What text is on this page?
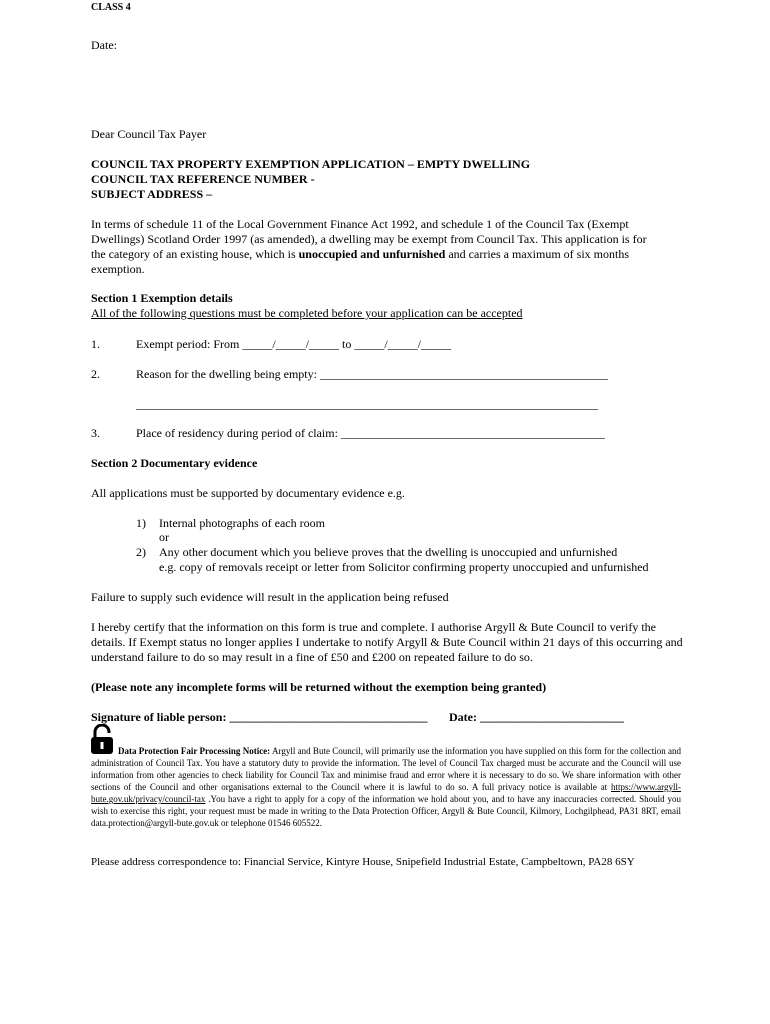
CLASS 4
Date:
Dear Council Tax Payer
COUNCIL TAX PROPERTY EXEMPTION APPLICATION – EMPTY DWELLING
COUNCIL TAX REFERENCE NUMBER -
SUBJECT ADDRESS –
In terms of schedule 11 of the Local Government Finance Act 1992, and schedule 1 of the Council Tax (Exempt Dwellings) Scotland Order 1997 (as amended), a dwelling may be exempt from Council Tax. This application is for the category of an existing house, which is unoccupied and unfurnished and carries a maximum of six months exemption.
Section 1 Exemption details
All of the following questions must be completed before your application can be accepted
1.	Exempt period: From _____/_____/_____ to _____/_____/_____
2.	Reason for the dwelling being empty: ________________________________________________
_____________________________________________________________________________
3.	Place of residency during period of claim: ____________________________________________
Section 2 Documentary evidence
All applications must be supported by documentary evidence e.g.
1) Internal photographs of each room
or
2) Any other document which you believe proves that the dwelling is unoccupied and unfurnished
e.g. copy of removals receipt or letter from Solicitor confirming property unoccupied and unfurnished
Failure to supply such evidence will result in the application being refused
I hereby certify that the information on this form is true and complete. I authorise Argyll & Bute Council to verify the details. If Exempt status no longer applies I undertake to notify Argyll & Bute Council within 21 days of this occurring and understand failure to do so may result in a fine of £50 and £200 on repeated failure to do so.
(Please note any incomplete forms will be returned without the exemption being granted)
Signature of liable person: _________________________________ Date: ________________________
Data Protection Fair Processing Notice: Argyll and Bute Council, will primarily use the information you have supplied on this form for the collection and administration of Council Tax. You have a statutory duty to provide the information. The level of Council Tax charged must be accurate and the Council will use information from other agencies to check liability for Council Tax and minimise fraud and error where it is necessary to do so. We share information with other sections of the Council and other organisations external to the Council where it is lawful to do so. A full privacy notice is available at https://www.argyll-bute.gov.uk/privacy/council-tax .You have a right to apply for a copy of the information we hold about you, and to have any inaccuracies corrected. Should you wish to exercise this right, your request must be made in writing to the Data Protection Officer, Argyll & Bute Council, Kilmory, Lochgilphead, PA31 8RT, email data.protection@argyll-bute.gov.uk or telephone 01546 605522.
Please address correspondence to: Financial Service, Kintyre House, Snipefield Industrial Estate, Campbeltown, PA28 6SY
